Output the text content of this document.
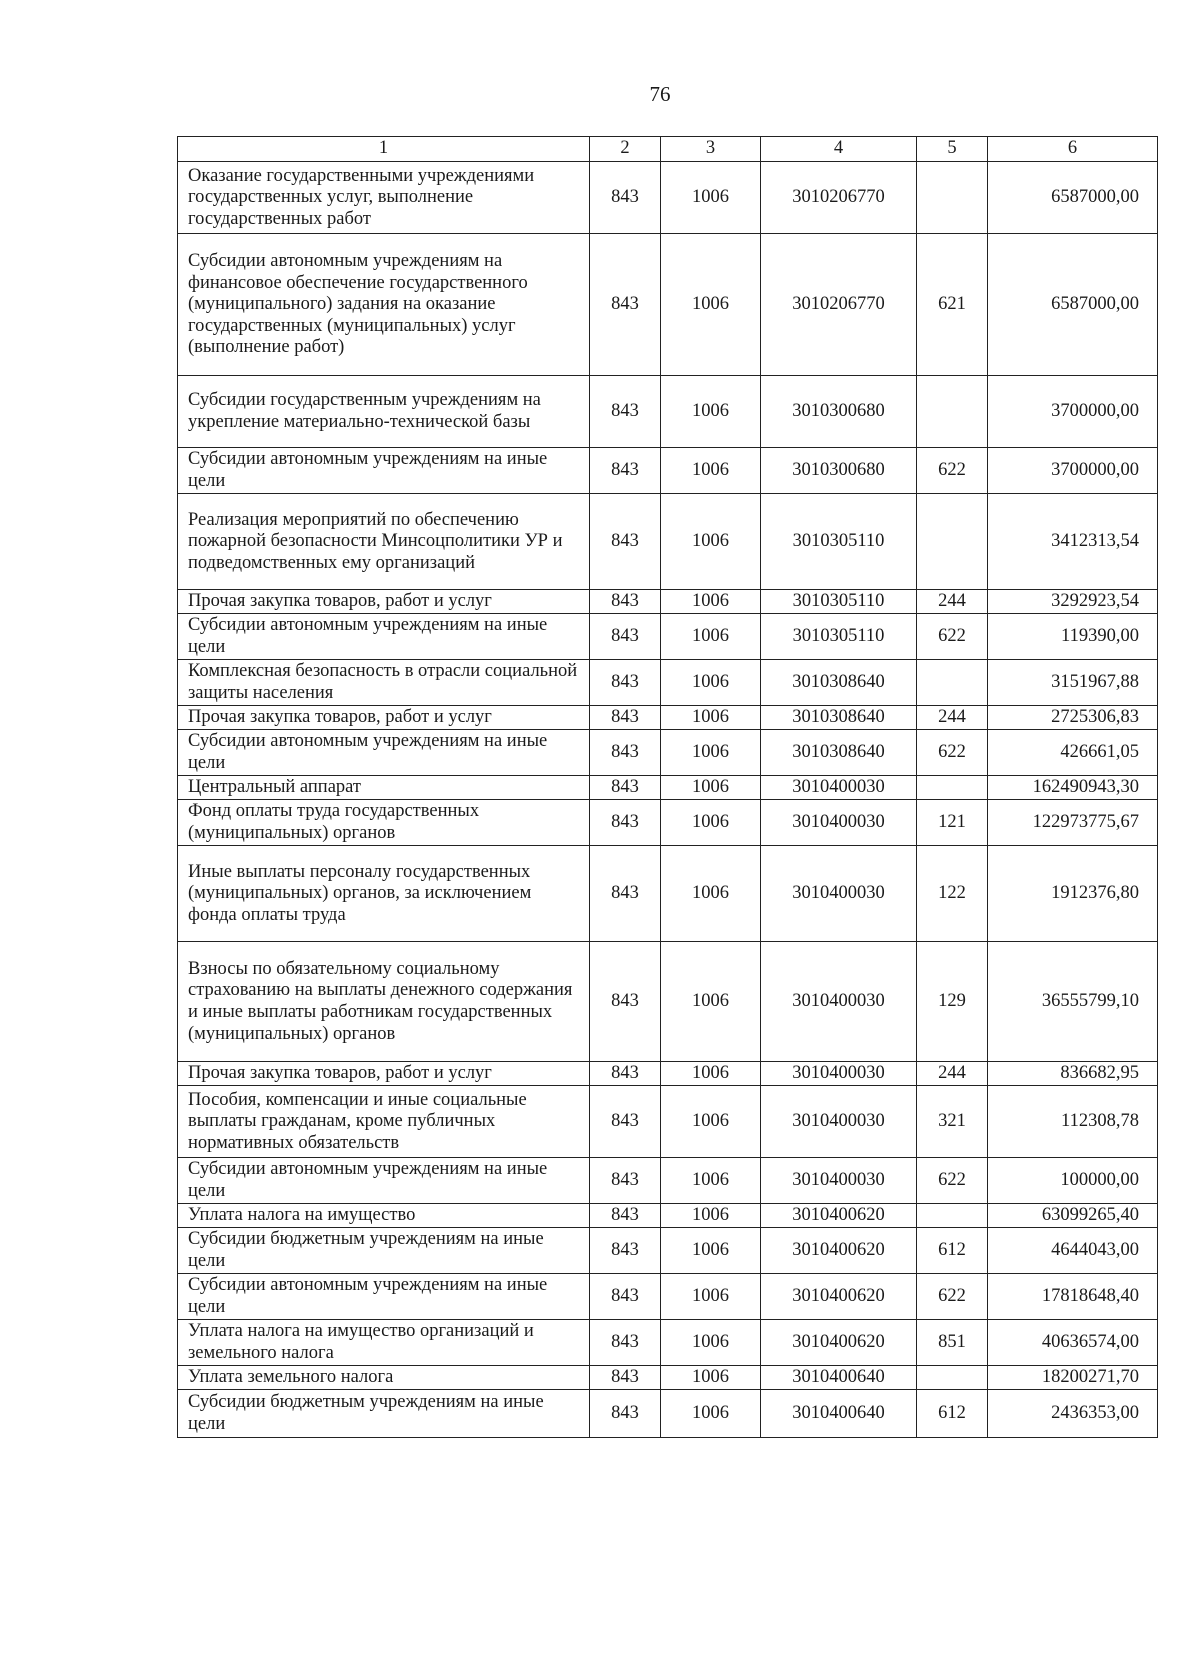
76
1	2	3	4	5	6
Оказание государственными учреждениями государственных услуг, выполнение государственных работ	843	1006	3010206770		6587000,00
Субсидии автономным учреждениям на финансовое обеспечение государственного (муниципального) задания на оказание государственных (муниципальных) услуг (выполнение работ)	843	1006	3010206770	621	6587000,00
Субсидии государственным учреждениям на укрепление материально-технической базы	843	1006	3010300680		3700000,00
Субсидии автономным учреждениям на иные цели	843	1006	3010300680	622	3700000,00
Реализация мероприятий по обеспечению пожарной безопасности Минсоцполитики УР и подведомственных ему организаций	843	1006	3010305110		3412313,54
Прочая закупка товаров, работ и услуг	843	1006	3010305110	244	3292923,54
Субсидии автономным учреждениям на иные цели	843	1006	3010305110	622	119390,00
Комплексная безопасность в отрасли социальной защиты населения	843	1006	3010308640		3151967,88
Прочая закупка товаров, работ и услуг	843	1006	3010308640	244	2725306,83
Субсидии автономным учреждениям на иные цели	843	1006	3010308640	622	426661,05
Центральный аппарат	843	1006	3010400030		162490943,30
Фонд оплаты труда государственных (муниципальных) органов	843	1006	3010400030	121	122973775,67
Иные выплаты персоналу государственных (муниципальных) органов, за исключением фонда оплаты труда	843	1006	3010400030	122	1912376,80
Взносы по обязательному социальному страхованию на выплаты денежного содержания и иные выплаты работникам государственных (муниципальных) органов	843	1006	3010400030	129	36555799,10
Прочая закупка товаров, работ и услуг	843	1006	3010400030	244	836682,95
Пособия, компенсации и иные социальные выплаты гражданам, кроме публичных нормативных обязательств	843	1006	3010400030	321	112308,78
Субсидии автономным учреждениям на иные цели	843	1006	3010400030	622	100000,00
Уплата налога на имущество	843	1006	3010400620		63099265,40
Субсидии бюджетным учреждениям на иные цели	843	1006	3010400620	612	4644043,00
Субсидии автономным учреждениям на иные цели	843	1006	3010400620	622	17818648,40
Уплата налога на имущество организаций и земельного налога	843	1006	3010400620	851	40636574,00
Уплата земельного налога	843	1006	3010400640		18200271,70
Субсидии бюджетным учреждениям на иные цели	843	1006	3010400640	612	2436353,00
